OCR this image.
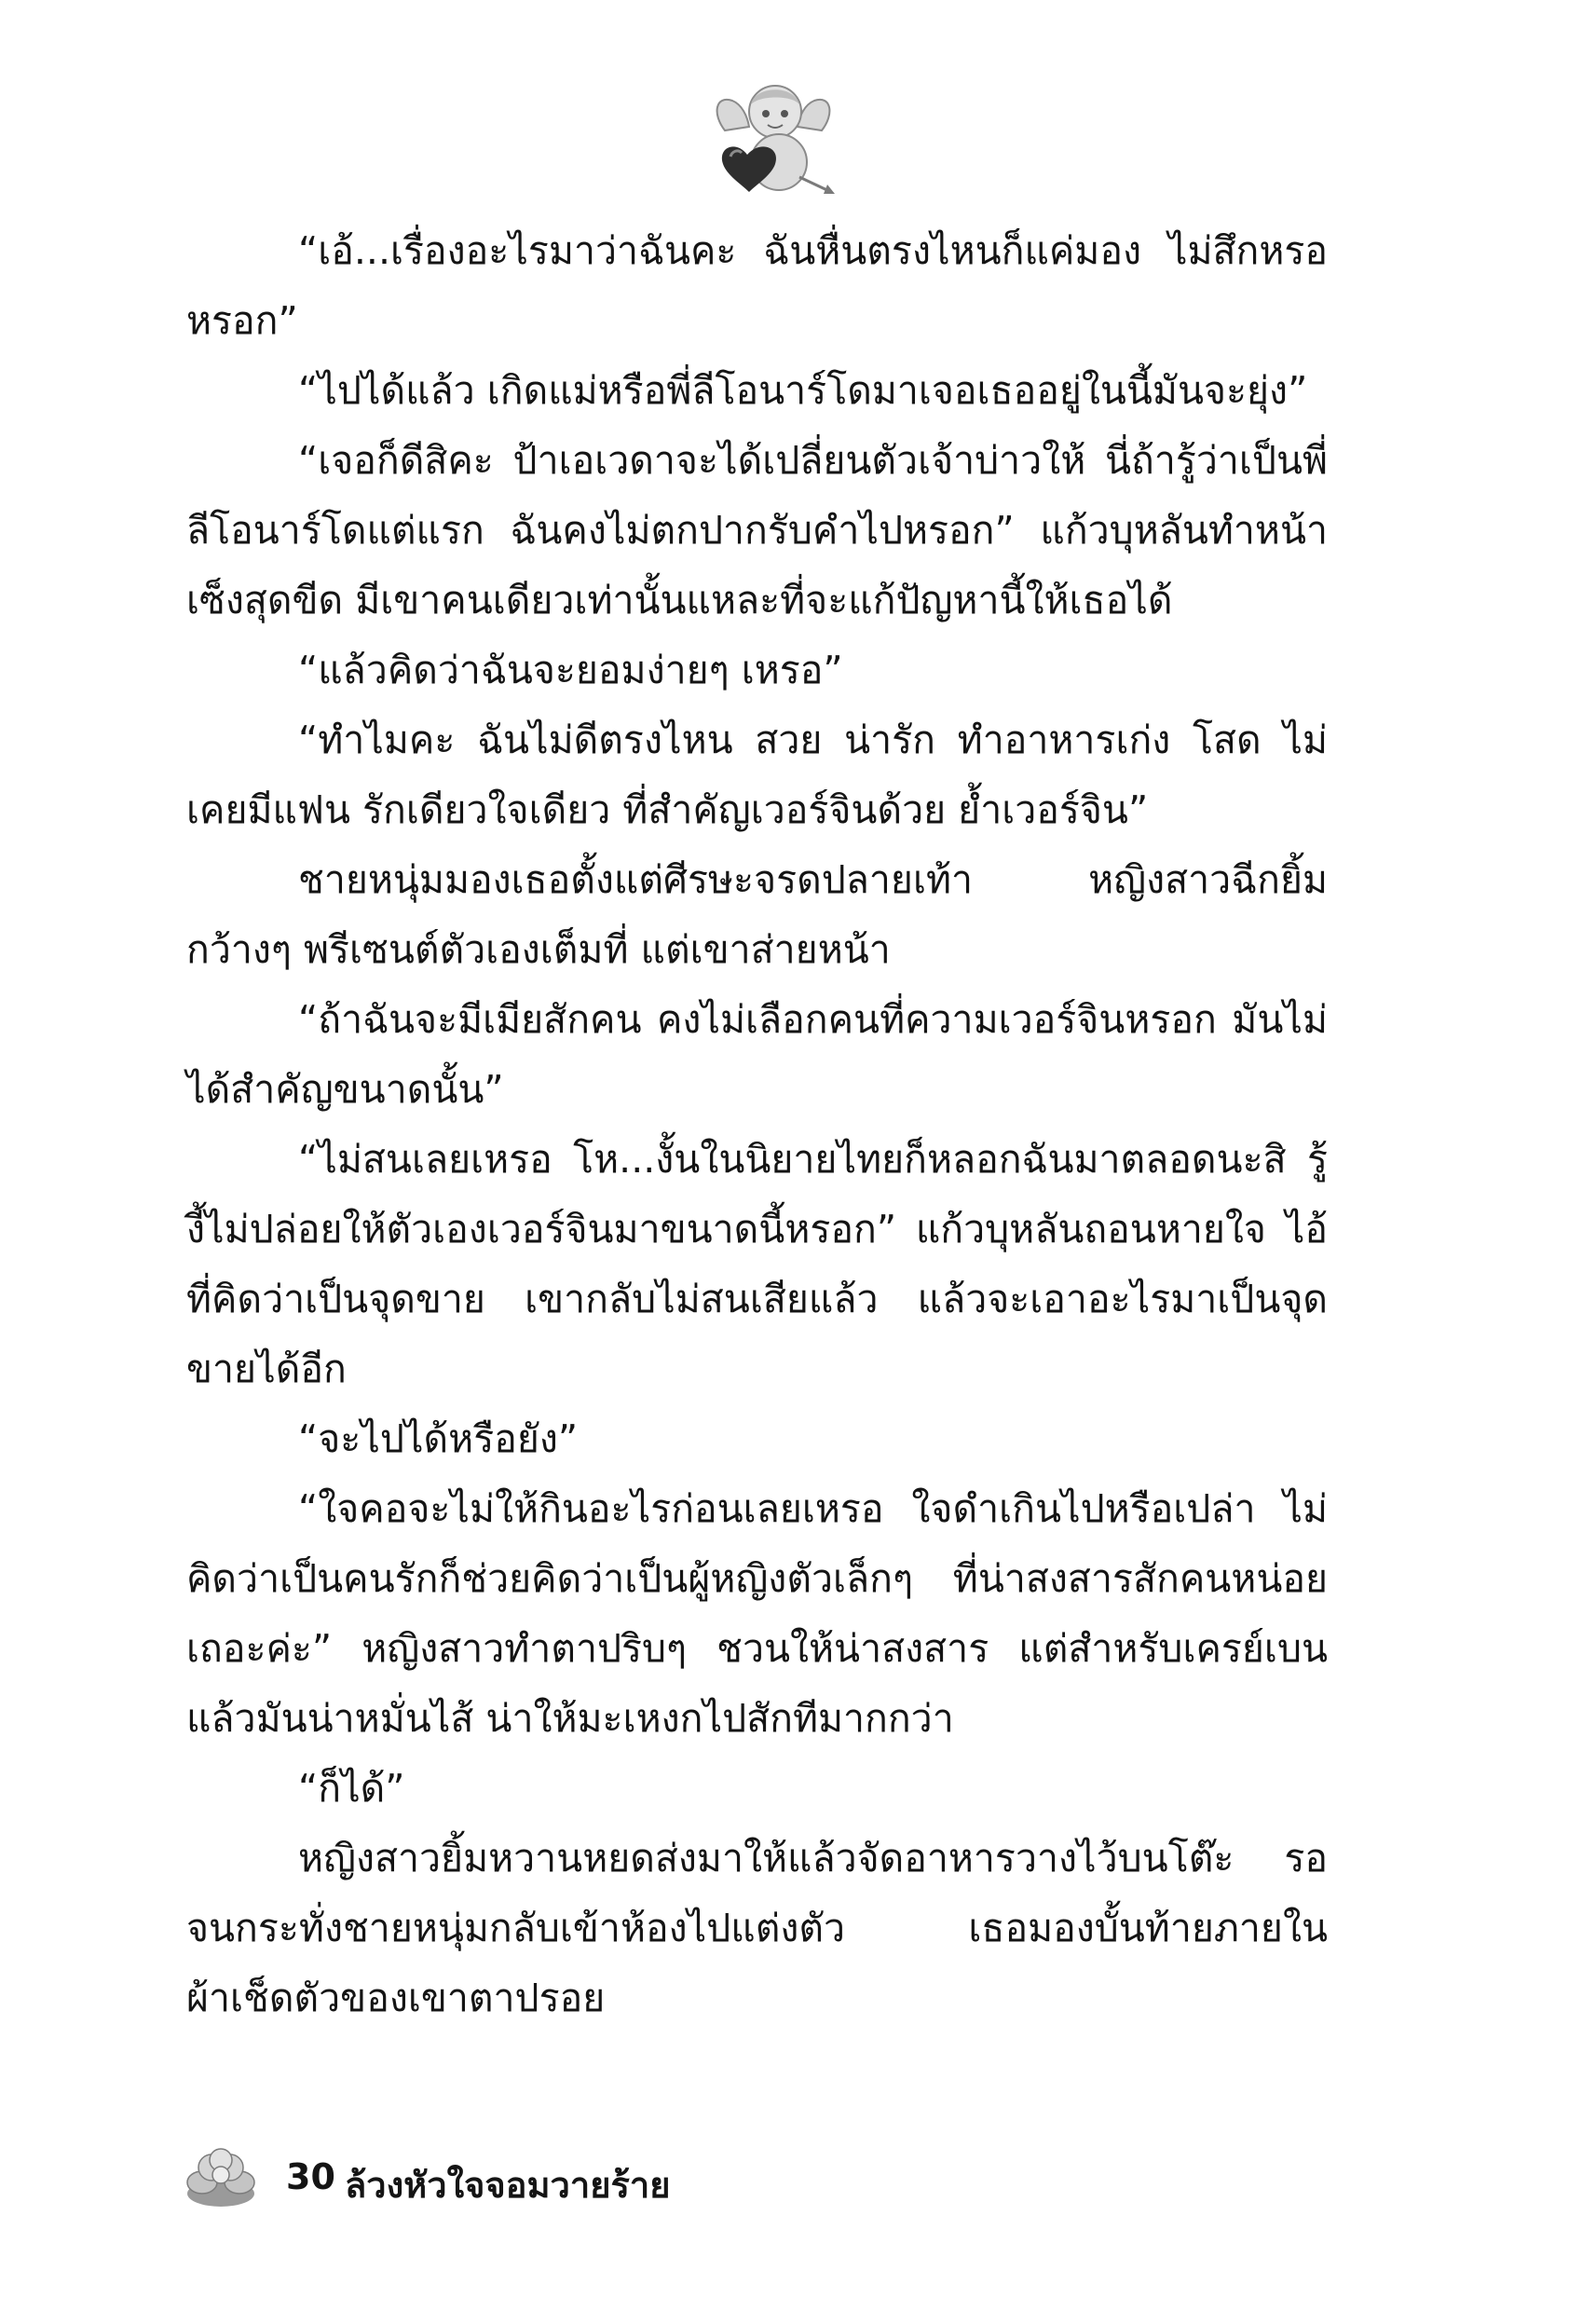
“เอ้...เรื่องอะไรมาว่าฉันคะ ฉันหื่นตรงไหนก็แค่มอง ไม่สึกหรอหรอก”

“ไปได้แล้ว เกิดแม่หรือพี่ลีโอนาร์โดมาเจอเธออยู่ในนี้มันจะยุ่ง”

“เจอก็ดีสิคะ ป้าเอเวดาจะได้เปลี่ยนตัวเจ้าบ่าวให้ นี่ถ้ารู้ว่าเป็นพี่ลีโอนาร์โดแต่แรก ฉันคงไม่ตกปากรับคำไปหรอก” แก้วบุหลันทำหน้าเซ็งสุดขีด มีเขาคนเดียวเท่านั้นแหละที่จะแก้ปัญหานี้ให้เธอได้

“แล้วคิดว่าฉันจะยอมง่ายๆ เหรอ”

“ทำไมคะ ฉันไม่ดีตรงไหน สวย น่ารัก ทำอาหารเก่ง โสด ไม่เคยมีแฟน รักเดียวใจเดียว ที่สำคัญเวอร์จินด้วย ย้ำเวอร์จิน”

ชายหนุ่มมองเธอตั้งแต่ศีรษะจรดปลายเท้า หญิงสาวฉีกยิ้มกว้างๆ พรีเซนต์ตัวเองเต็มที่ แต่เขาส่ายหน้า

“ถ้าฉันจะมีเมียสักคน คงไม่เลือกคนที่ความเวอร์จินหรอก มันไม่ได้สำคัญขนาดนั้น”

“ไม่สนเลยเหรอ โห...งั้นในนิยายไทยก็หลอกฉันมาตลอดนะสิ รู้งี้ไม่ปล่อยให้ตัวเองเวอร์จินมาขนาดนี้หรอก” แก้วบุหลันถอนหายใจ ไอ้ที่คิดว่าเป็นจุดขาย เขากลับไม่สนเสียแล้ว แล้วจะเอาอะไรมาเป็นจุดขายได้อีก

“จะไปได้หรือยัง”

“ใจคอจะไม่ให้กินอะไรก่อนเลยเหรอ ใจดำเกินไปหรือเปล่า ไม่คิดว่าเป็นคนรักก็ช่วยคิดว่าเป็นผู้หญิงตัวเล็กๆ ที่น่าสงสารสักคนหน่อยเถอะค่ะ” หญิงสาวทำตาปริบๆ ชวนให้น่าสงสาร แต่สำหรับเครย์เบนแล้วมันน่าหมั่นไส้ น่าให้มะเหงกไปสักทีมากกว่า

“ก็ได้”

หญิงสาวยิ้มหวานหยดส่งมาให้แล้วจัดอาหารวางไว้บนโต๊ะ รอจนกระทั่งชายหนุ่มกลับเข้าห้องไปแต่งตัว เธอมองบั้นท้ายภายในผ้าเช็ดตัวของเขาตาปรอย

30 ล้วงหัวใจจอมวายร้าย
